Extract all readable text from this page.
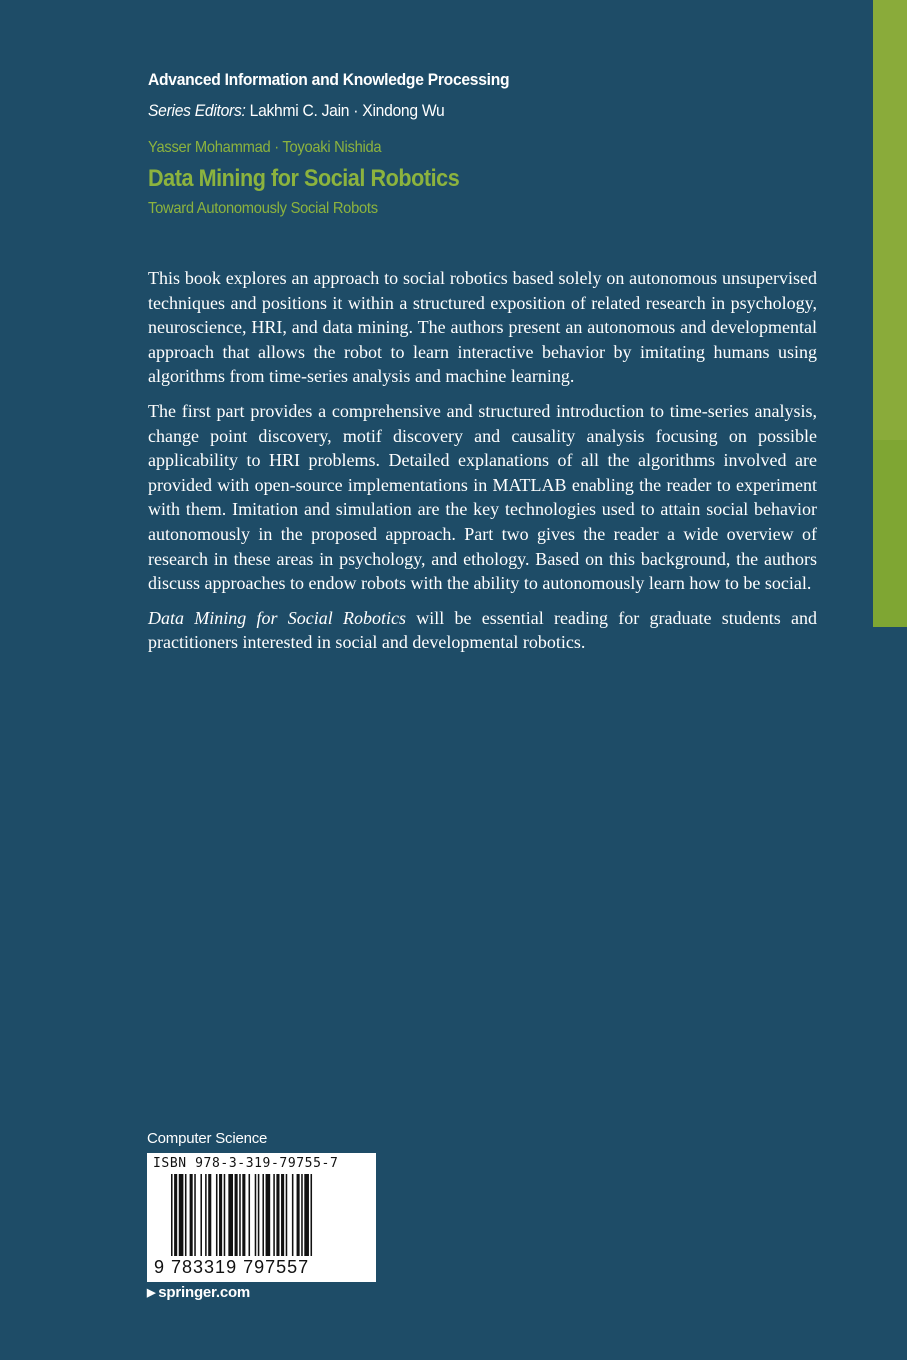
Advanced Information and Knowledge Processing
Series Editors: Lakhmi C. Jain · Xindong Wu
Yasser Mohammad · Toyoaki Nishida
Data Mining for Social Robotics
Toward Autonomously Social Robots

This book explores an approach to social robotics based solely on autonomous unsupervised techniques and positions it within a structured exposition of related research in psychology, neuroscience, HRI, and data mining. The authors present an autonomous and developmental approach that allows the robot to learn interactive behavior by imitating humans using algorithms from time-series analysis and machine learning.

The first part provides a comprehensive and structured introduction to time-series analysis, change point discovery, motif discovery and causality analysis focusing on possible applicability to HRI problems. Detailed explanations of all the algorithms involved are provided with open-source implementations in MATLAB enabling the reader to experiment with them. Imitation and simulation are the key technologies used to attain social behavior autonomously in the proposed approach. Part two gives the reader a wide overview of research in these areas in psychology, and ethology. Based on this background, the authors discuss approaches to endow robots with the ability to autonomously learn how to be social.

Data Mining for Social Robotics will be essential reading for graduate students and practitioners interested in social and developmental robotics.

Computer Science
ISBN 978-3-319-79755-7
9 783319 797557
▶ springer.com
